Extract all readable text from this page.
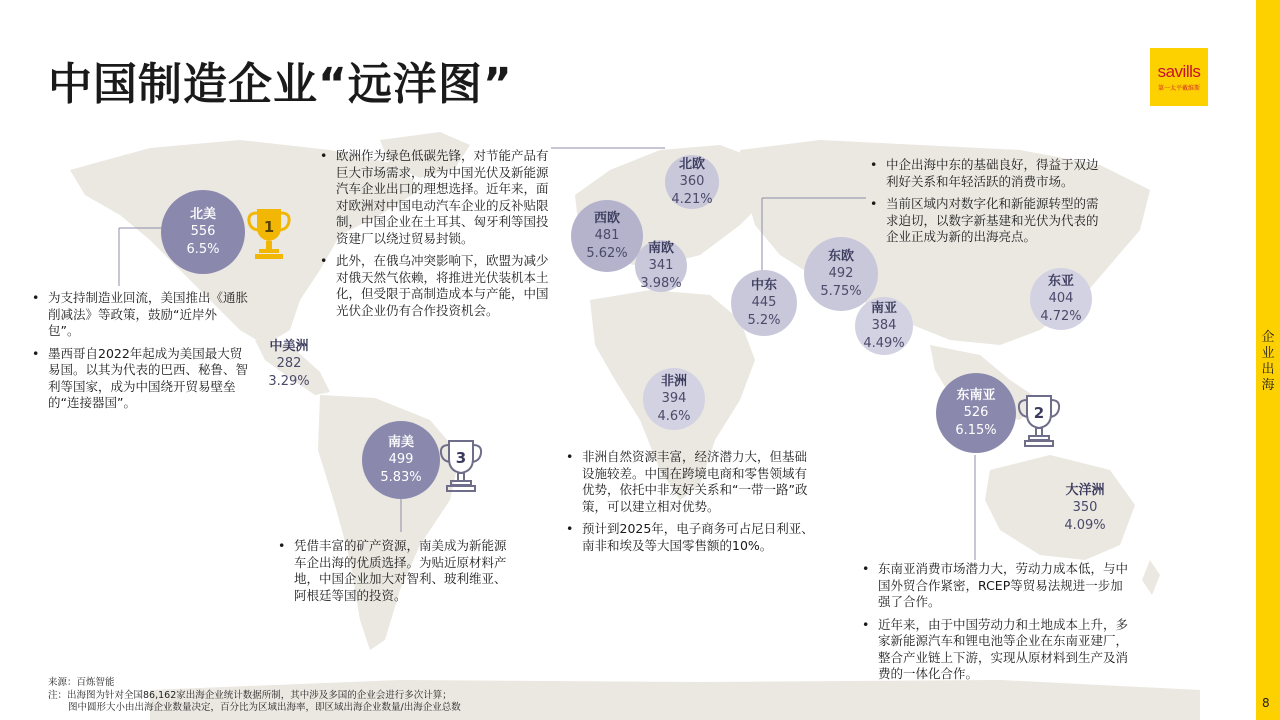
中国制造企业“远洋图”	savills
第一太平戴维斯
企业出海
8
北美
556
6.5%
中美洲
282
3.29%
南美
499
5.83%
北欧
360
4.21%
西欧
481
5.62% 南欧
341
3.98%	中东
445
5.2%
东欧
492
5.75%
南亚
384
4.49%
东亚
404
4.72%
非洲
394
4.6%
东南亚
526
6.15%
大洋洲
350
4.09%
1
2
3
• 欧洲作为绿色低碳先锋，对节能产品有巨大市场需求，成为中国光伏及新能源汽车企业出口的理想选择。近年来，面对欧洲对中国电动汽车企业的反补贴限制，中国企业在土耳其、匈牙利等国投资建厂以绕过贸易封锁。
• 此外，在俄乌冲突影响下，欧盟为减少对俄天然气依赖，将推进光伏装机本土化，但受限于高制造成本与产能，中国光伏企业仍有合作投资机会。
• 中企出海中东的基础良好，得益于双边利好关系和年轻活跃的消费市场。
• 当前区域内对数字化和新能源转型的需求迫切，以数字新基建和光伏为代表的企业正成为新的出海亮点。
• 为支持制造业回流，美国推出《通胀削减法》等政策，鼓励“近岸外包”。
• 墨西哥自2022年起成为美国最大贸易国。以其为代表的巴西、秘鲁、智利等国家，成为中国绕开贸易壁垒的“连接器国”。
• 凭借丰富的矿产资源，南美成为新能源车企出海的优质选择。为贴近原材料产地，中国企业加大对智利、玻利维亚、阿根廷等国的投资。
• 非洲自然资源丰富，经济潜力大，但基础设施较差。中国在跨境电商和零售领域有优势，依托中非友好关系和“一带一路”政策，可以建立相对优势。
• 预计到2025年，电子商务可占尼日利亚、南非和埃及等大国零售额的10%。
• 东南亚消费市场潜力大，劳动力成本低，与中国外贸合作紧密，RCEP等贸易法规进一步加强了合作。
• 近年来，由于中国劳动力和土地成本上升，多家新能源汽车和锂电池等企业在东南亚建厂，整合产业链上下游，实现从原材料到生产及消费的一体化合作。
来源：百炼智能
注：出海图为针对全国86,162家出海企业统计数据所制，其中涉及多国的企业会进行多次计算；
图中圆形大小由出海企业数量决定，百分比为区域出海率，即区域出海企业数量/出海企业总数
